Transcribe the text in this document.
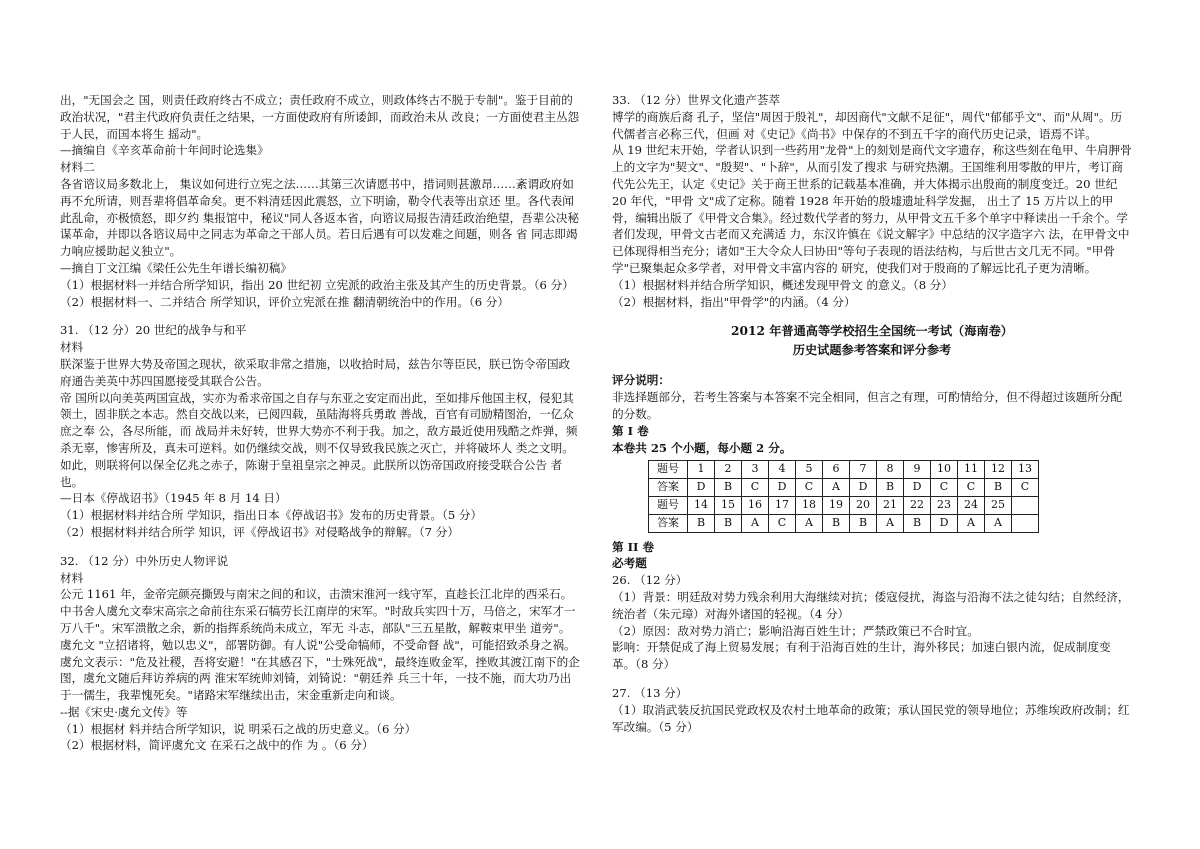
出，"无国会之 国，则责任政府终古不成立；责任政府不成立，则政体终古不脱于专制"。鉴于目前的政治状况，"君主代政府负责任之结果，一方面使政府有所诿卸，而政治未从 改良；一方面使君主丛怨于人民，而国本将生 摇动"。

—摘编自《辛亥革命前十年间时论选集》

材料二

各省谘议局多数北上， 集议如何进行立宪之法……其第三次请愿书中，措词则甚激昂……紊谓政府如再不允所请，则吾辈将倡革命矣。更不料清廷因此震怒，立下明谕，勒令代表等出京还 里。各代表闻此乱命，亦极愤怒，即夕约 集报馆中，秘议"同人各返本省，向谘议局报告清廷政治绝望，吾辈公决秘谋革命，并即以各谘议局中之同志为革命之干部人员。若日后遇有可以发难之间题，则各 省 同志即竭力响应援助起义独立"。

—摘自丁文江编《梁任公先生年谱长编初稿》

（1）根据材料一并结合所学知识，指出 20 世纪初 立宪派的政治主张及其产生的历史背景。（6 分）

（2）根据材料一、二并结合 所学知识，评价立宪派在推 翻清朝统治中的作用。（6 分）

31. （12 分）20 世纪的战争与和平

材料

朕深鉴于世界大势及帝国之现状，欲采取非常之措施，以收拾时局，兹告尔等臣民，朕已饬令帝国政府通告美英中苏四国愿接受其联合公告。

帝 国所以向美英两国宣战，实亦为希求帝国之自存与东亚之安定而出此，至如排斥他国主权，侵犯其领土，固非朕之本志。然自交战以来，已阅四载，虽陆海将兵勇敢 善战，百官有司励精图治，一亿众庶之奉 公，各尽所能，而 战局并未好转，世界大势亦不利于我。加之，敌方最近使用残酷之炸弹，频杀无辜，惨害所及，真未可逆料。如仍继续交战，则不仅导致我民族之灭亡，并将破坏人 类之文明。如此，则联将何以保全亿兆之赤子，陈谢于皇祖皇宗之神灵。此朕所以饬帝国政府接受联合公告 者也。

—日本《停战诏书》（1945 年 8 月 14 日）

（1）根据材料并结合所 学知识，指出日本《停战诏书》发布的历史背景。（5 分）

（2）根据材料并结合所学 知识，评《停战诏书》对侵略战争的辩解。（7 分）

32. （12 分）中外历史人物评说

材料

公元 1161 年，金帝完颜亮撕毁与南宋之间的和议，击溃宋淮河一线守军，直趁长江北岸的西采石。中书舍人虞允文奉宋高宗之命前往东采石犒劳长江南岸的宋军。"时敌兵实四十万，马倍之，宋军才一万八千"。宋军溃散之余，新的指挥系统尚未成立，军无 斗志，部队"三五星散，解鞍束甲坐 道旁"。虞允文 "立招诸将，勉以忠义"，部署防御。有人说"公受命犒师，不受命督 战"，可能招致杀身之祸。虞允文表示："危及社稷，吾将安避！"在其感召下，"士殊死战"，最终连败金军，挫败其渡江南下的企图，虞允文随后拜访养病的两 淮宋军统帅刘锜，刘锜说："朝廷养 兵三十年，一技不施，而大功乃出于一儒生，我辈愧死矣。"诸路宋军继续出击，宋金重新走向和谈。

--据《宋史·虞允文传》等

（1）根据材 料并结合所学知识，说 明采石之战的历史意义。（6 分）

（2）根据材料，简评虞允文 在采石之战中的作 为 。（6 分）

33. （12 分）世界文化遗产荟萃

博学的商族后裔 孔子，坚信"周因于殷礼"，却因商代"文献不足征"，周代"郁郁乎文"、而"从周"。历代儒者言必称三代，但画 对《史记》《尚书》中保存的不到五千字的商代历史记录，语焉不详。

从 19 世纪末开始，学者认识到一些药用"龙骨"上的刻划是商代文字遗存，称这些刻在龟甲、牛肩胛骨上的文字为"契文"、"殷契"、"卜辞"，从而引发了搜求 与研究热潮。王国维利用零散的甲片，考订商代先公先王，认定《史记》关于商王世系的记载基本准确，并大体揭示出殷商的制度变迁。20 世纪 20 年代，"甲骨 文"成了定称。随着 1928 年开始的殷墟遗址科学发掘， 出土了 15 万片以上的甲骨，编辑出版了《甲骨文合集》。经过数代学者的努力，从甲骨文五千多个单字中释读出一千余个。学者们发现，甲骨文古老而又充满适 力，东汉许慎在《说文解字》中总结的汉字造字六 法，在甲骨文中已体现得相当充分；诸如"王大令众人曰协田"等句子表现的语法结构，与后世古文几无不同。"甲骨学"已聚集起众多学者，对甲骨文丰富内容的 研究，使我们对于殷商的了解远比孔子更为清晰。

（1）根据材料并结合所学知识，概述发现甲骨文 的意义。（8 分）

（2）根据材料，指出"甲骨学"的内涵。（4 分）

2012 年普通高等学校招生全国统一考试（海南卷）

历史试题参考答案和评分参考

评分说明：

非选择题部分，若考生答案与本答案不完全相同，但言之有理，可酌情给分，但不得超过该题所分配的分数。

第 I 卷

本卷共 25 个小题，每小题 2 分。

题号	1	2	3	4	5	6	7	8	9	10	11	12	13
答案	D	B	C	D	C	A	D	B	D	C	C	B	C
题号	14	15	16	17	18	19	20	21	22	23	24	25	
答案	B	B	A	C	A	B	B	A	B	D	A	A	

第 II 卷

必考题

26. （12 分）

（1）背景：明廷敌对势力残余利用大海继续对抗；倭寇侵扰，海盗与沿海不法之徒勾结；自然经济，统治者（朱元璋）对海外诸国的轻视。（4 分）

（2）原因：敌对势力消亡；影响沿海百姓生计；严禁政策已不合时宜。

影响：开禁促成了海上贸易发展；有利于沿海百姓的生计，海外移民；加速白银内流，促成制度变革。（8 分）

27. （13 分）

（1）取消武装反抗国民党政权及农村土地革命的政策；承认国民党的领导地位；苏维埃政府改制；红军改编。（5 分）
